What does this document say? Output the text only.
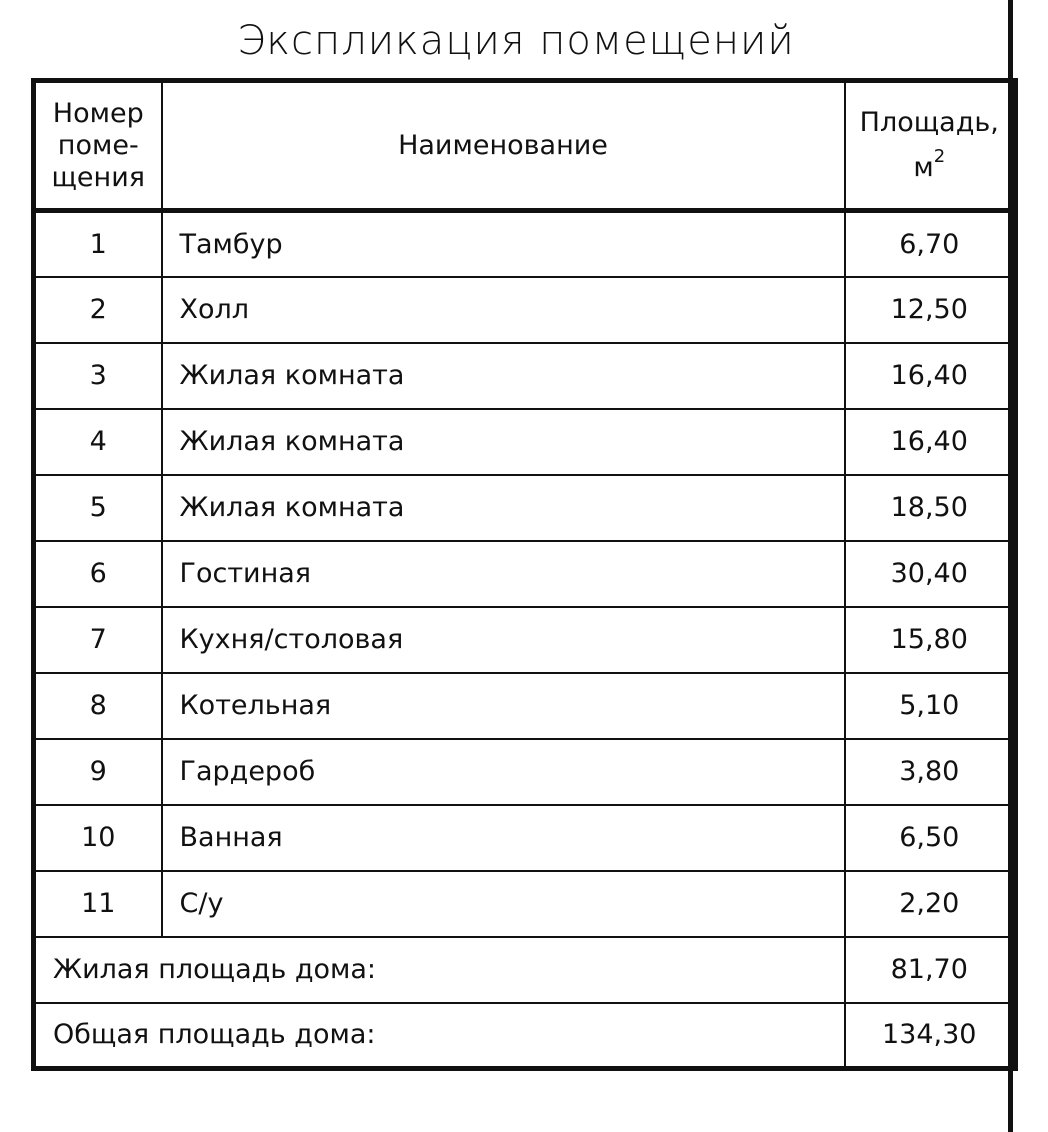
Экспликация помещений
Номер
поме-
щения	Наименование	Площадь,
$м^2$
1	Тамбур	6,70
2	Холл	12,50
3	Жилая комната	16,40
4	Жилая комната	16,40
5	Жилая комната	18,50
6	Гостиная	30,40
7	Кухня/столовая	15,80
8	Котельная	5,10
9	Гардероб	3,80
10	Ванная	6,50
11	С/у	2,20
Жилая площадь дома:		81,70
Общая площадь дома:		134,30
